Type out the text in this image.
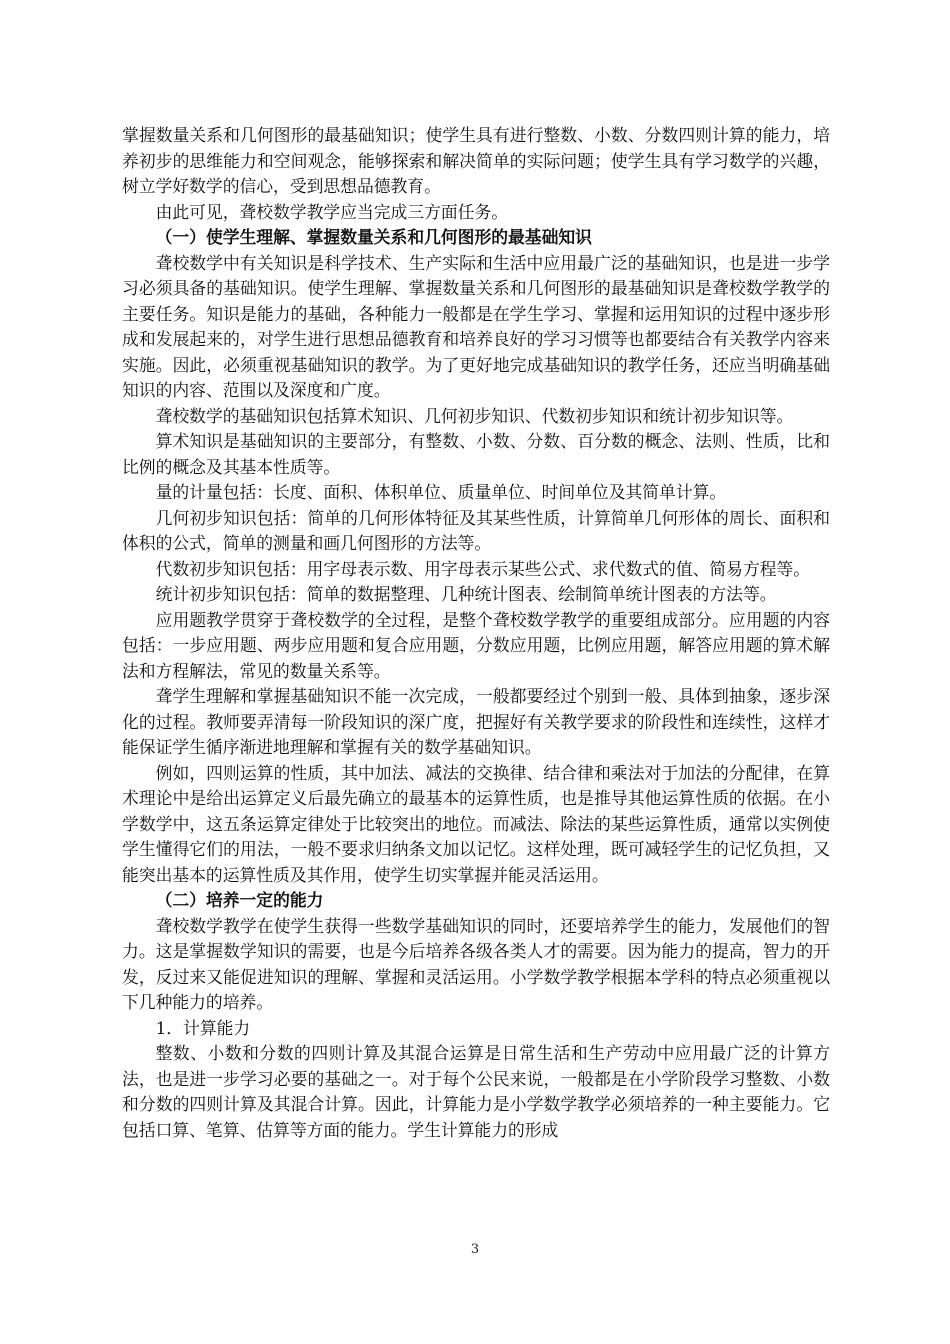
掌握数量关系和几何图形的最基础知识；使学生具有进行整数、小数、分数四则计算的能力，培养初步的思维能力和空间观念，能够探索和解决简单的实际问题；使学生具有学习数学的兴趣，树立学好数学的信心，受到思想品德教育。

由此可见，聋校数学教学应当完成三方面任务。

（一）使学生理解、掌握数量关系和几何图形的最基础知识

聋校数学中有关知识是科学技术、生产实际和生活中应用最广泛的基础知识，也是进一步学习必须具备的基础知识。使学生理解、掌握数量关系和几何图形的最基础知识是聋校数学教学的主要任务。知识是能力的基础，各种能力一般都是在学生学习、掌握和运用知识的过程中逐步形成和发展起来的，对学生进行思想品德教育和培养良好的学习习惯等也都要结合有关教学内容来实施。因此，必须重视基础知识的教学。为了更好地完成基础知识的教学任务，还应当明确基础知识的内容、范围以及深度和广度。

聋校数学的基础知识包括算术知识、几何初步知识、代数初步知识和统计初步知识等。

算术知识是基础知识的主要部分，有整数、小数、分数、百分数的概念、法则、性质，比和比例的概念及其基本性质等。

量的计量包括：长度、面积、体积单位、质量单位、时间单位及其简单计算。

几何初步知识包括：简单的几何形体特征及其某些性质，计算简单几何形体的周长、面积和体积的公式，简单的测量和画几何图形的方法等。

代数初步知识包括：用字母表示数、用字母表示某些公式、求代数式的值、简易方程等。

统计初步知识包括：简单的数据整理、几种统计图表、绘制简单统计图表的方法等。

应用题教学贯穿于聋校数学的全过程，是整个聋校数学教学的重要组成部分。应用题的内容包括：一步应用题、两步应用题和复合应用题，分数应用题，比例应用题，解答应用题的算术解法和方程解法，常见的数量关系等。

聋学生理解和掌握基础知识不能一次完成，一般都要经过个别到一般、具体到抽象，逐步深化的过程。教师要弄清每一阶段知识的深广度，把握好有关教学要求的阶段性和连续性，这样才能保证学生循序渐进地理解和掌握有关的数学基础知识。

例如，四则运算的性质，其中加法、减法的交换律、结合律和乘法对于加法的分配律，在算术理论中是给出运算定义后最先确立的最基本的运算性质，也是推导其他运算性质的依据。在小学数学中，这五条运算定律处于比较突出的地位。而减法、除法的某些运算性质，通常以实例使学生懂得它们的用法，一般不要求归纳条文加以记忆。这样处理，既可减轻学生的记忆负担，又能突出基本的运算性质及其作用，使学生切实掌握并能灵活运用。

（二）培养一定的能力

聋校数学教学在使学生获得一些数学基础知识的同时，还要培养学生的能力，发展他们的智力。这是掌握数学知识的需要，也是今后培养各级各类人才的需要。因为能力的提高，智力的开发，反过来又能促进知识的理解、掌握和灵活运用。小学数学教学根据本学科的特点必须重视以下几种能力的培养。

1．计算能力

整数、小数和分数的四则计算及其混合运算是日常生活和生产劳动中应用最广泛的计算方法，也是进一步学习必要的基础之一。对于每个公民来说，一般都是在小学阶段学习整数、小数和分数的四则计算及其混合计算。因此，计算能力是小学数学教学必须培养的一种主要能力。它包括口算、笔算、估算等方面的能力。学生计算能力的形成

3
